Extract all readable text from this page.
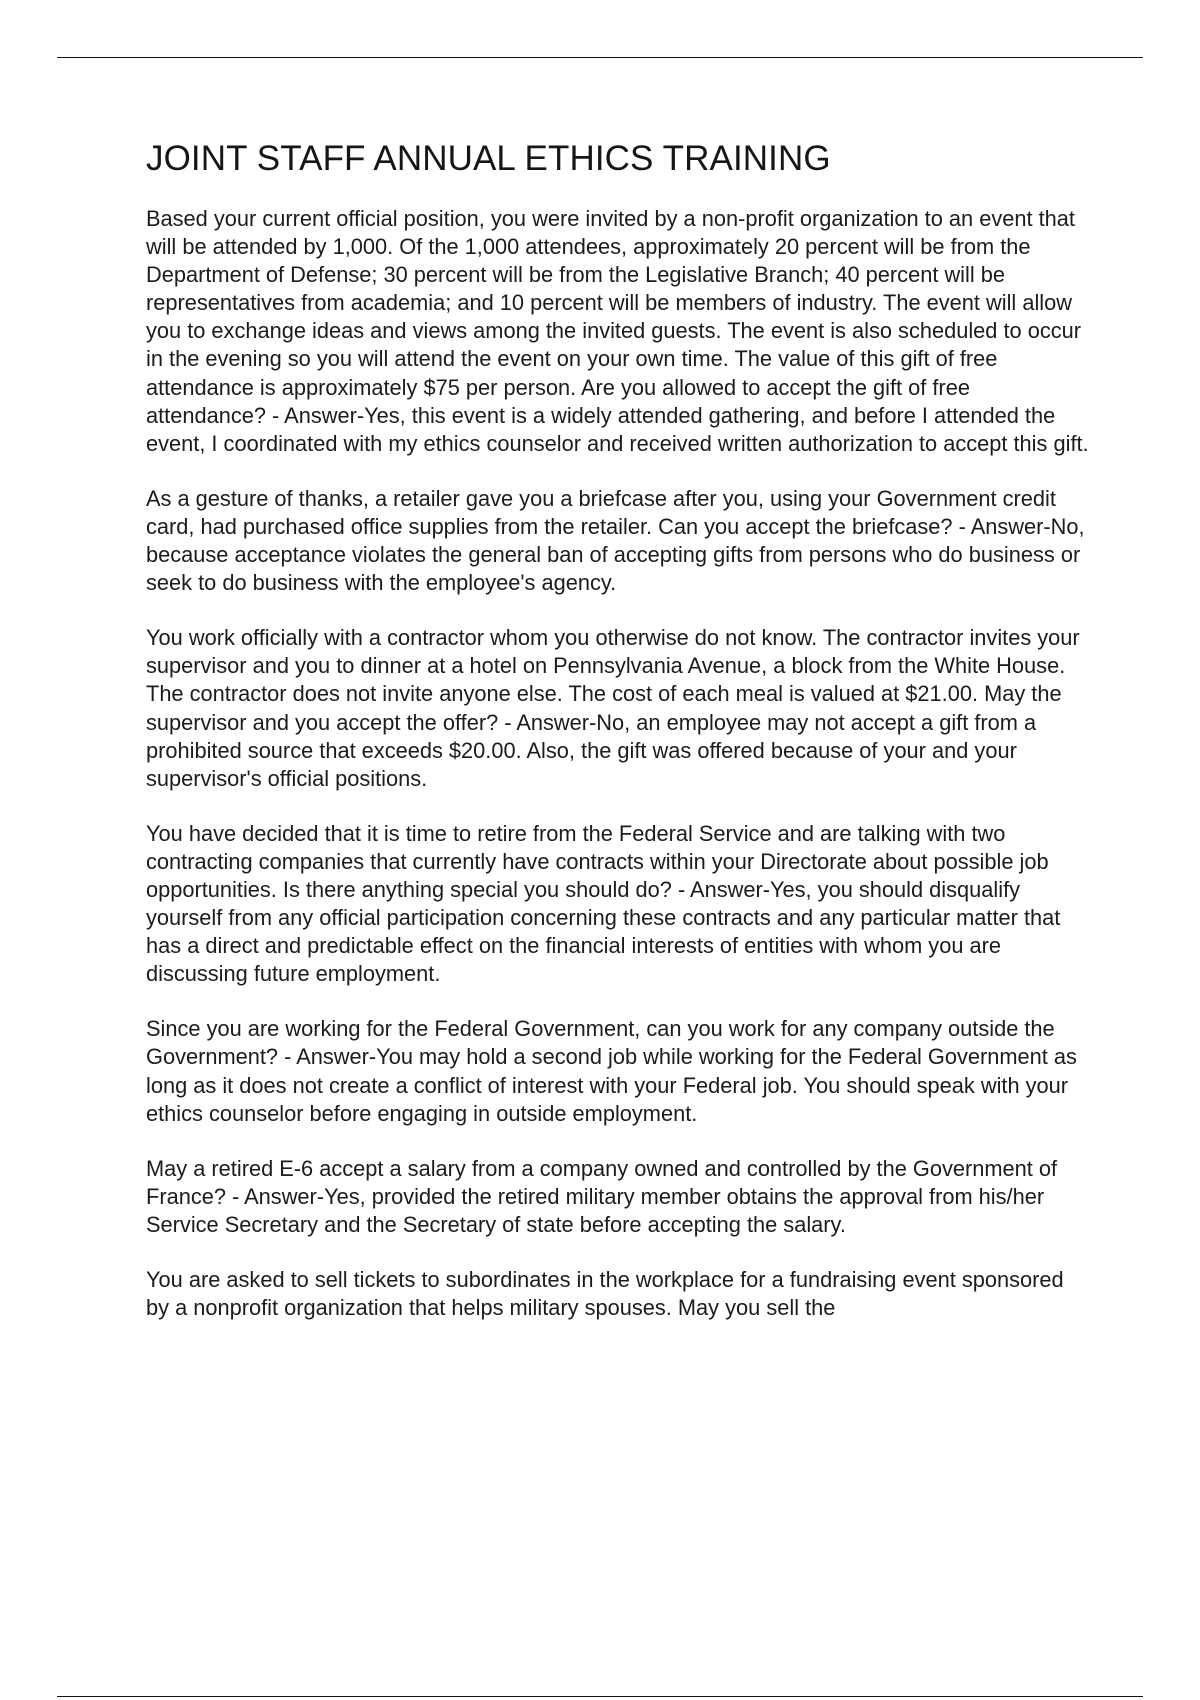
JOINT STAFF ANNUAL ETHICS TRAINING

Based your current official position, you were invited by a non-profit organization to an event that will be attended by 1,000. Of the 1,000 attendees, approximately 20 percent will be from the Department of Defense; 30 percent will be from the Legislative Branch; 40 percent will be representatives from academia; and 10 percent will be members of industry. The event will allow you to exchange ideas and views among the invited guests. The event is also scheduled to occur in the evening so you will attend the event on your own time. The value of this gift of free attendance is approximately $75 per person. Are you allowed to accept the gift of free attendance? - Answer-Yes, this event is a widely attended gathering, and before I attended the event, I coordinated with my ethics counselor and received written authorization to accept this gift.

As a gesture of thanks, a retailer gave you a briefcase after you, using your Government credit card, had purchased office supplies from the retailer. Can you accept the briefcase? - Answer-No, because acceptance violates the general ban of accepting gifts from persons who do business or seek to do business with the employee's agency.

You work officially with a contractor whom you otherwise do not know. The contractor invites your supervisor and you to dinner at a hotel on Pennsylvania Avenue, a block from the White House. The contractor does not invite anyone else. The cost of each meal is valued at $21.00. May the supervisor and you accept the offer? - Answer-No, an employee may not accept a gift from a prohibited source that exceeds $20.00. Also, the gift was offered because of your and your supervisor's official positions.

You have decided that it is time to retire from the Federal Service and are talking with two contracting companies that currently have contracts within your Directorate about possible job opportunities. Is there anything special you should do? - Answer-Yes, you should disqualify yourself from any official participation concerning these contracts and any particular matter that has a direct and predictable effect on the financial interests of entities with whom you are discussing future employment.

Since you are working for the Federal Government, can you work for any company outside the Government? - Answer-You may hold a second job while working for the Federal Government as long as it does not create a conflict of interest with your Federal job. You should speak with your ethics counselor before engaging in outside employment.

May a retired E-6 accept a salary from a company owned and controlled by the Government of France? - Answer-Yes, provided the retired military member obtains the approval from his/her Service Secretary and the Secretary of state before accepting the salary.

You are asked to sell tickets to subordinates in the workplace for a fundraising event sponsored by a nonprofit organization that helps military spouses. May you sell the
